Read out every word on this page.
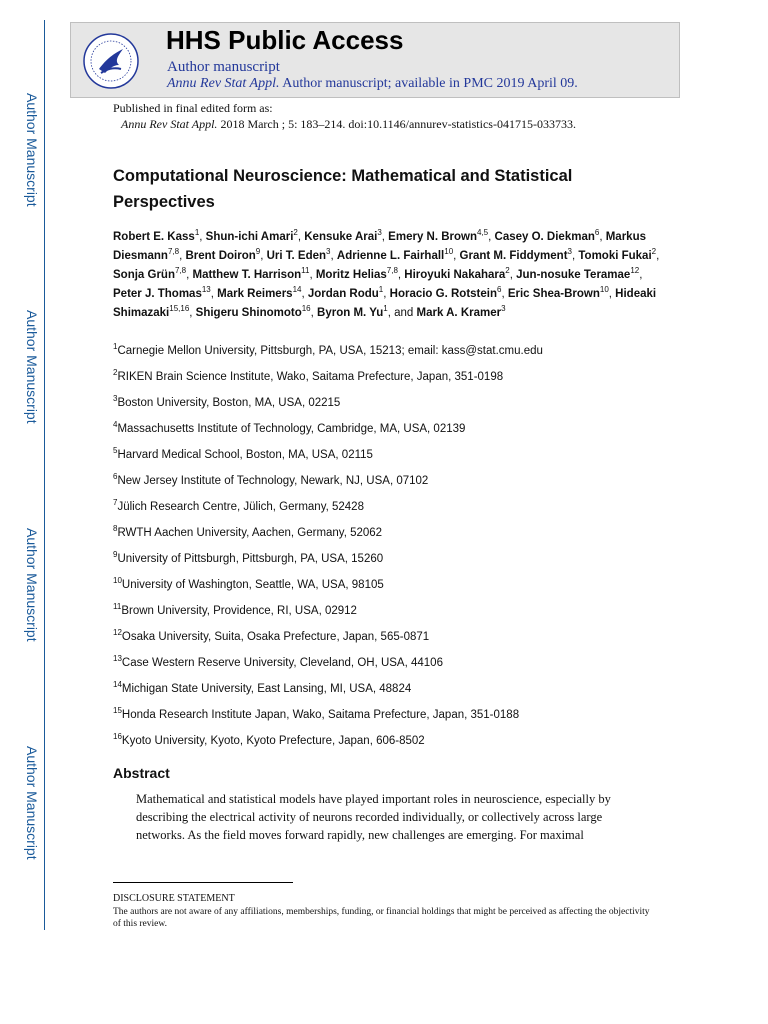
Author Manuscript
Author Manuscript
Author Manuscript
Author Manuscript
HHS Public Access
Author manuscript
Annu Rev Stat Appl. Author manuscript; available in PMC 2019 April 09.
Published in final edited form as:
Annu Rev Stat Appl. 2018 March ; 5: 183–214. doi:10.1146/annurev-statistics-041715-033733.
Computational Neuroscience: Mathematical and Statistical Perspectives
Robert E. Kass$^1$, Shun-ichi Amari$^2$, Kensuke Arai$^3$, Emery N. Brown$^{4,5}$, Casey O. Diekman$^6$, Markus Diesmann$^{7,8}$, Brent Doiron$^9$, Uri T. Eden$^3$, Adrienne L. Fairhall$^{10}$, Grant M. Fiddyment$^3$, Tomoki Fukai$^2$, Sonja Grün$^{7,8}$, Matthew T. Harrison$^{11}$, Moritz Helias$^{7,8}$, Hiroyuki Nakahara$^2$, Jun-nosuke Teramae$^{12}$, Peter J. Thomas$^{13}$, Mark Reimers$^{14}$, Jordan Rodu$^1$, Horacio G. Rotstein$^6$, Eric Shea-Brown$^{10}$, Hideaki Shimazaki$^{15,16}$, Shigeru Shinomoto$^{16}$, Byron M. Yu$^1$, and Mark A. Kramer$^3$
$^1$Carnegie Mellon University, Pittsburgh, PA, USA, 15213; email: kass@stat.cmu.edu
$^2$RIKEN Brain Science Institute, Wako, Saitama Prefecture, Japan, 351-0198
$^3$Boston University, Boston, MA, USA, 02215
$^4$Massachusetts Institute of Technology, Cambridge, MA, USA, 02139
$^5$Harvard Medical School, Boston, MA, USA, 02115
$^6$New Jersey Institute of Technology, Newark, NJ, USA, 07102
$^7$Jülich Research Centre, Jülich, Germany, 52428
$^8$RWTH Aachen University, Aachen, Germany, 52062
$^9$University of Pittsburgh, Pittsburgh, PA, USA, 15260
$^{10}$University of Washington, Seattle, WA, USA, 98105
$^{11}$Brown University, Providence, RI, USA, 02912
$^{12}$Osaka University, Suita, Osaka Prefecture, Japan, 565-0871
$^{13}$Case Western Reserve University, Cleveland, OH, USA, 44106
$^{14}$Michigan State University, East Lansing, MI, USA, 48824
$^{15}$Honda Research Institute Japan, Wako, Saitama Prefecture, Japan, 351-0188
$^{16}$Kyoto University, Kyoto, Kyoto Prefecture, Japan, 606-8502
Abstract
Mathematical and statistical models have played important roles in neuroscience, especially by describing the electrical activity of neurons recorded individually, or collectively across large networks. As the field moves forward rapidly, new challenges are emerging. For maximal
DISCLOSURE STATEMENT
The authors are not aware of any affiliations, memberships, funding, or financial holdings that might be perceived as affecting the objectivity of this review.
